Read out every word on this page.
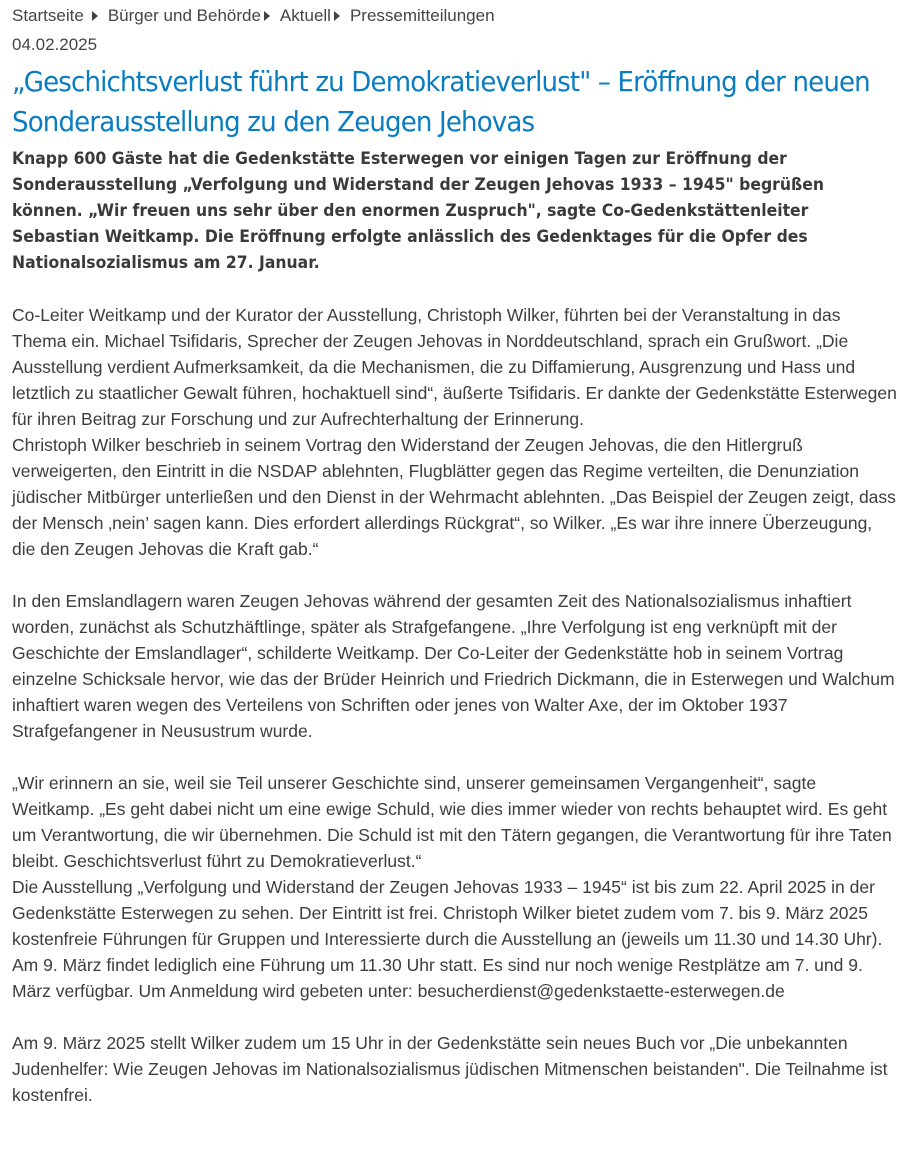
Startseite Bürger und Behörde Aktuell Pressemitteilungen
04.02.2025
„Geschichtsverlust führt zu Demokratieverlust" – Eröffnung der neuen Sonderausstellung zu den Zeugen Jehovas

Knapp 600 Gäste hat die Gedenkstätte Esterwegen vor einigen Tagen zur Eröffnung der Sonderausstellung „Verfolgung und Widerstand der Zeugen Jehovas 1933 – 1945" begrüßen können. „Wir freuen uns sehr über den enormen Zuspruch", sagte Co-Gedenkstättenleiter Sebastian Weitkamp. Die Eröffnung erfolgte anlässlich des Gedenktages für die Opfer des Nationalsozialismus am 27. Januar.

Co-Leiter Weitkamp und der Kurator der Ausstellung, Christoph Wilker, führten bei der Veranstaltung in das Thema ein. Michael Tsifidaris, Sprecher der Zeugen Jehovas in Norddeutschland, sprach ein Grußwort. „Die Ausstellung verdient Aufmerksamkeit, da die Mechanismen, die zu Diffamierung, Ausgrenzung und Hass und letztlich zu staatlicher Gewalt führen, hochaktuell sind“, äußerte Tsifidaris. Er dankte der Gedenkstätte Esterwegen für ihren Beitrag zur Forschung und zur Aufrechterhaltung der Erinnerung.

Christoph Wilker beschrieb in seinem Vortrag den Widerstand der Zeugen Jehovas, die den Hitlergruß verweigerten, den Eintritt in die NSDAP ablehnten, Flugblätter gegen das Regime verteilten, die Denunziation jüdischer Mitbürger unterließen und den Dienst in der Wehrmacht ablehnten. „Das Beispiel der Zeugen zeigt, dass der Mensch ‚nein’ sagen kann. Dies erfordert allerdings Rückgrat“, so Wilker. „Es war ihre innere Überzeugung, die den Zeugen Jehovas die Kraft gab.“

In den Emslandlagern waren Zeugen Jehovas während der gesamten Zeit des Nationalsozialismus inhaftiert worden, zunächst als Schutzhäftlinge, später als Strafgefangene. „Ihre Verfolgung ist eng verknüpft mit der Geschichte der Emslandlager“, schilderte Weitkamp. Der Co-Leiter der Gedenkstätte hob in seinem Vortrag einzelne Schicksale hervor, wie das der Brüder Heinrich und Friedrich Dickmann, die in Esterwegen und Walchum inhaftiert waren wegen des Verteilens von Schriften oder jenes von Walter Axe, der im Oktober 1937 Strafgefangener in Neusustrum wurde.

„Wir erinnern an sie, weil sie Teil unserer Geschichte sind, unserer gemeinsamen Vergangenheit“, sagte Weitkamp. „Es geht dabei nicht um eine ewige Schuld, wie dies immer wieder von rechts behauptet wird. Es geht um Verantwortung, die wir übernehmen. Die Schuld ist mit den Tätern gegangen, die Verantwortung für ihre Taten bleibt. Geschichtsverlust führt zu Demokratieverlust.“

Die Ausstellung „Verfolgung und Widerstand der Zeugen Jehovas 1933 – 1945“ ist bis zum 22. April 2025 in der Gedenkstätte Esterwegen zu sehen. Der Eintritt ist frei. Christoph Wilker bietet zudem vom 7. bis 9. März 2025 kostenfreie Führungen für Gruppen und Interessierte durch die Ausstellung an (jeweils um 11.30 und 14.30 Uhr). Am 9. März findet lediglich eine Führung um 11.30 Uhr statt. Es sind nur noch wenige Restplätze am 7. und 9. März verfügbar. Um Anmeldung wird gebeten unter: besucherdienst@gedenkstaette-esterwegen.de

Am 9. März 2025 stellt Wilker zudem um 15 Uhr in der Gedenkstätte sein neues Buch vor „Die unbekannten Judenhelfer: Wie Zeugen Jehovas im Nationalsozialismus jüdischen Mitmenschen beistanden". Die Teilnahme ist kostenfrei.
